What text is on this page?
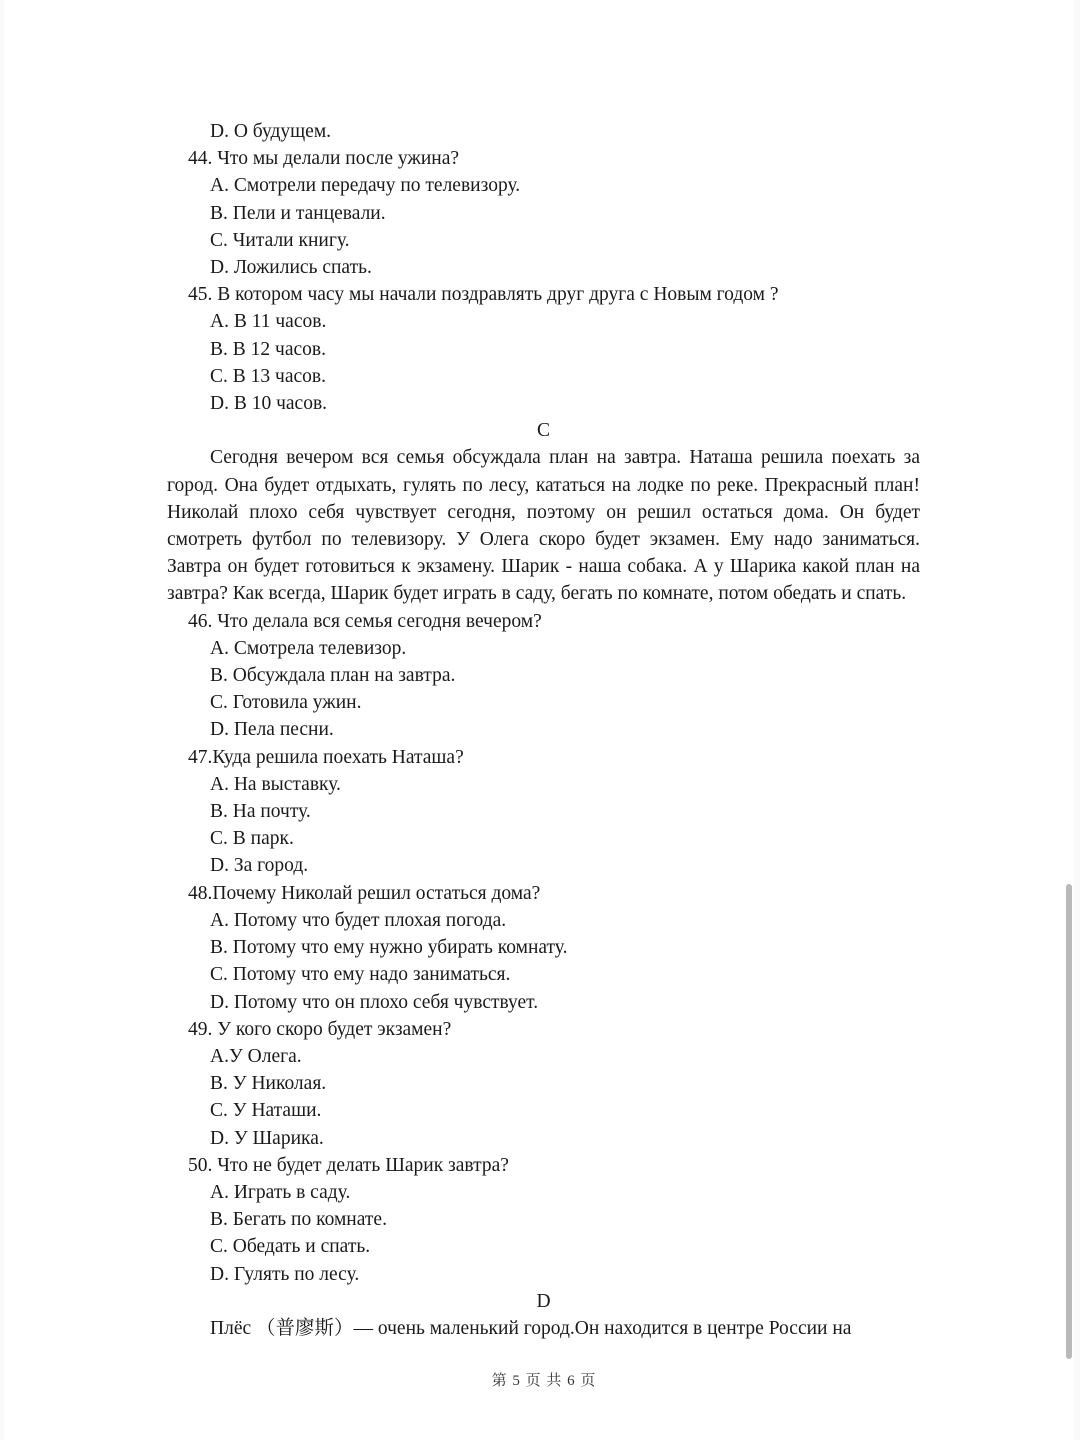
D. О будущем.
44. Что мы делали после ужина?
A. Смотрели передачу по телевизору.
B. Пели и танцевали.
C. Читали книгу.
D. Ложились спать.
45. В котором часу мы начали поздравлять друг друга с Новым годом ?
A. В 11 часов.
B. В 12 часов.
C. В 13 часов.
D. В 10 часов.
C
Сегодня вечером вся семья обсуждала план на завтра. Наташа решила поехать за город. Она будет отдыхать, гулять по лесу, кататься на лодке по реке. Прекрасный план! Николай плохо себя чувствует сегодня, поэтому он решил остаться дома. Он будет смотреть футбол по телевизору. У Олега скоро будет экзамен. Ему надо заниматься. Завтра он будет готовиться к экзамену. Шарик - наша собака. А у Шарика какой план на завтра? Как всегда, Шарик будет играть в саду, бегать по комнате, потом обедать и спать.
46. Что делала вся семья сегодня вечером?
A. Смотрела телевизор.
B. Обсуждала план на завтра.
C. Готовила ужин.
D. Пела песни.
47.Куда решила поехать Наташа?
A. На выставку.
B. На почту.
C. В парк.
D. За город.
48.Почему Николай решил остаться дома?
A. Потому что будет плохая погода.
B. Потому что ему нужно убирать комнату.
C. Потому что ему надо заниматься.
D. Потому что он плохо себя чувствует.
49. У кого скоро будет экзамен?
A.У Олега.
B. У Николая.
C. У Наташи.
D. У Шарика.
50. Что не будет делать Шарик завтра?
A. Играть в саду.
B. Бегать по комнате.
C. Обедать и спать.
D. Гулять по лесу.
D
Плёс （普廖斯）— очень маленький город.Он находится в центре России на
第 5 页 共 6 页
